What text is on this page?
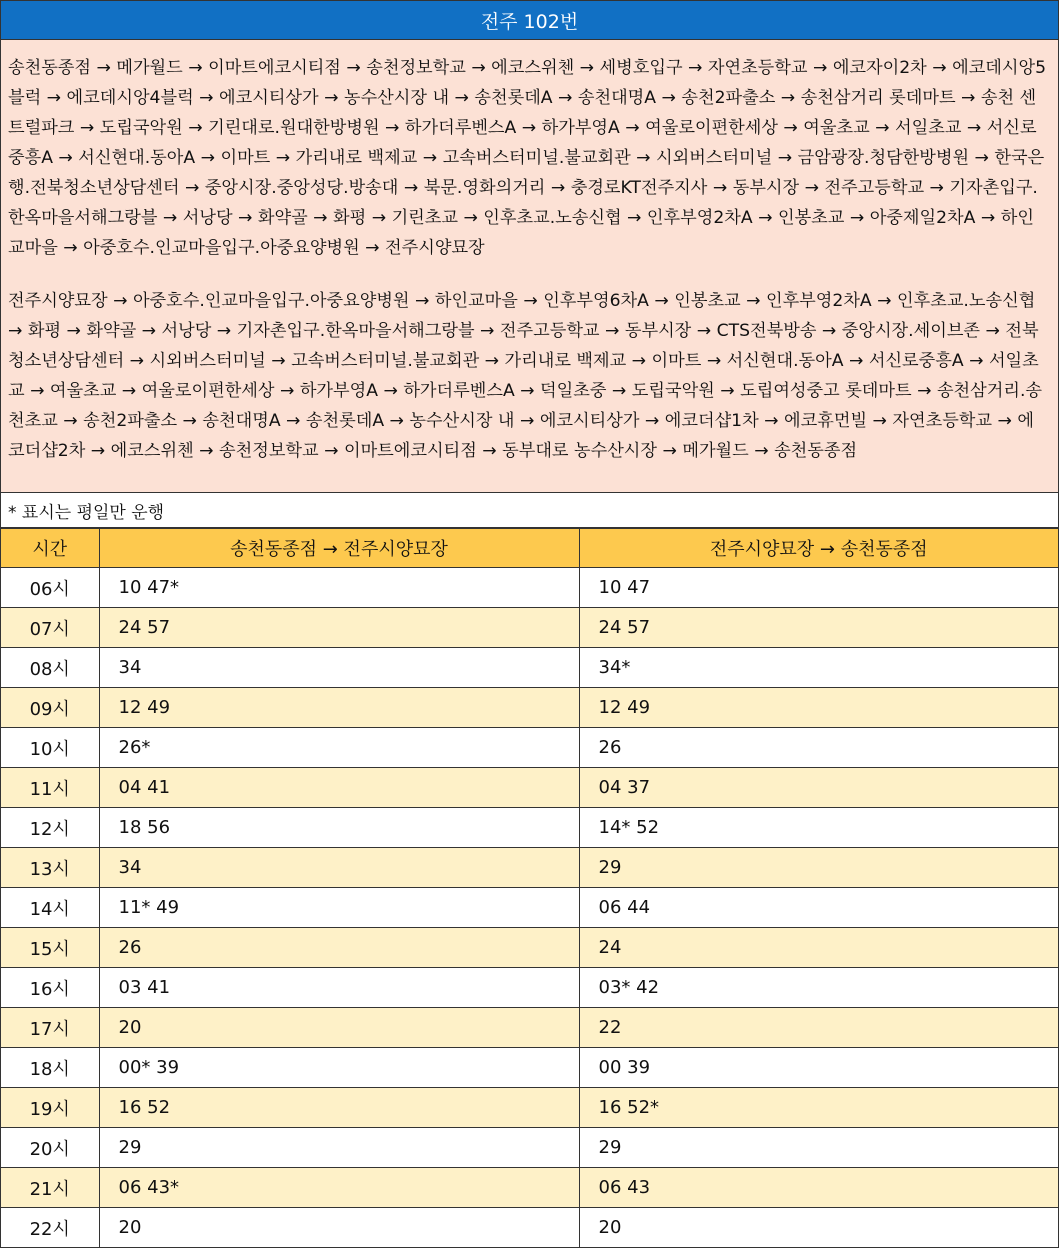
전주 102번

송천동종점 → 메가월드 → 이마트에코시티점 → 송천정보학교 → 에코스위첸 → 세병호입구 → 자연초등학교 → 에코자이2차 → 에코데시앙5블럭 → 에코데시앙4블럭 → 에코시티상가 → 농수산시장 내 → 송천롯데A → 송천대명A → 송천2파출소 → 송천삼거리 롯데마트 → 송천 센트럴파크 → 도립국악원 → 기린대로.원대한방병원 → 하가더루벤스A → 하가부영A → 여울로이편한세상 → 여울초교 → 서일초교 → 서신로중흥A → 서신현대.동아A → 이마트 → 가리내로 백제교 → 고속버스터미널.불교회관 → 시외버스터미널 → 금암광장.청담한방병원 → 한국은행.전북청소년상담센터 → 중앙시장.중앙성당.방송대 → 북문.영화의거리 → 충경로KT전주지사 → 동부시장 → 전주고등학교 → 기자촌입구.한옥마을서해그랑블 → 서낭당 → 화약골 → 화평 → 기린초교 → 인후초교.노송신협 → 인후부영2차A → 인봉초교 → 아중제일2차A → 하인교마을 → 아중호수.인교마을입구.아중요양병원 → 전주시양묘장

전주시양묘장 → 아중호수.인교마을입구.아중요양병원 → 하인교마을 → 인후부영6차A → 인봉초교 → 인후부영2차A → 인후초교.노송신협 → 화평 → 화약골 → 서낭당 → 기자촌입구.한옥마을서해그랑블 → 전주고등학교 → 동부시장 → CTS전북방송 → 중앙시장.세이브존 → 전북청소년상담센터 → 시외버스터미널 → 고속버스터미널.불교회관 → 가리내로 백제교 → 이마트 → 서신현대.동아A → 서신로중흥A → 서일초교 → 여울초교 → 여울로이편한세상 → 하가부영A → 하가더루벤스A → 덕일초중 → 도립국악원 → 도립여성중고 롯데마트 → 송천삼거리.송천초교 → 송천2파출소 → 송천대명A → 송천롯데A → 농수산시장 내 → 에코시티상가 → 에코더샵1차 → 에코휴먼빌 → 자연초등학교 → 에코더샵2차 → 에코스위첸 → 송천정보학교 → 이마트에코시티점 → 동부대로 농수산시장 → 메가월드 → 송천동종점

* 표시는 평일만 운행
시간	송천동종점 → 전주시양묘장	전주시양묘장 → 송천동종점
06시	10 47*	10 47
07시	24 57	24 57
08시	34	34*
09시	12 49	12 49
10시	26*	26
11시	04 41	04 37
12시	18 56	14* 52
13시	34	29
14시	11* 49	06 44
15시	26	24
16시	03 41	03* 42
17시	20	22
18시	00* 39	00 39
19시	16 52	16 52*
20시	29	29
21시	06 43*	06 43
22시	20	20
